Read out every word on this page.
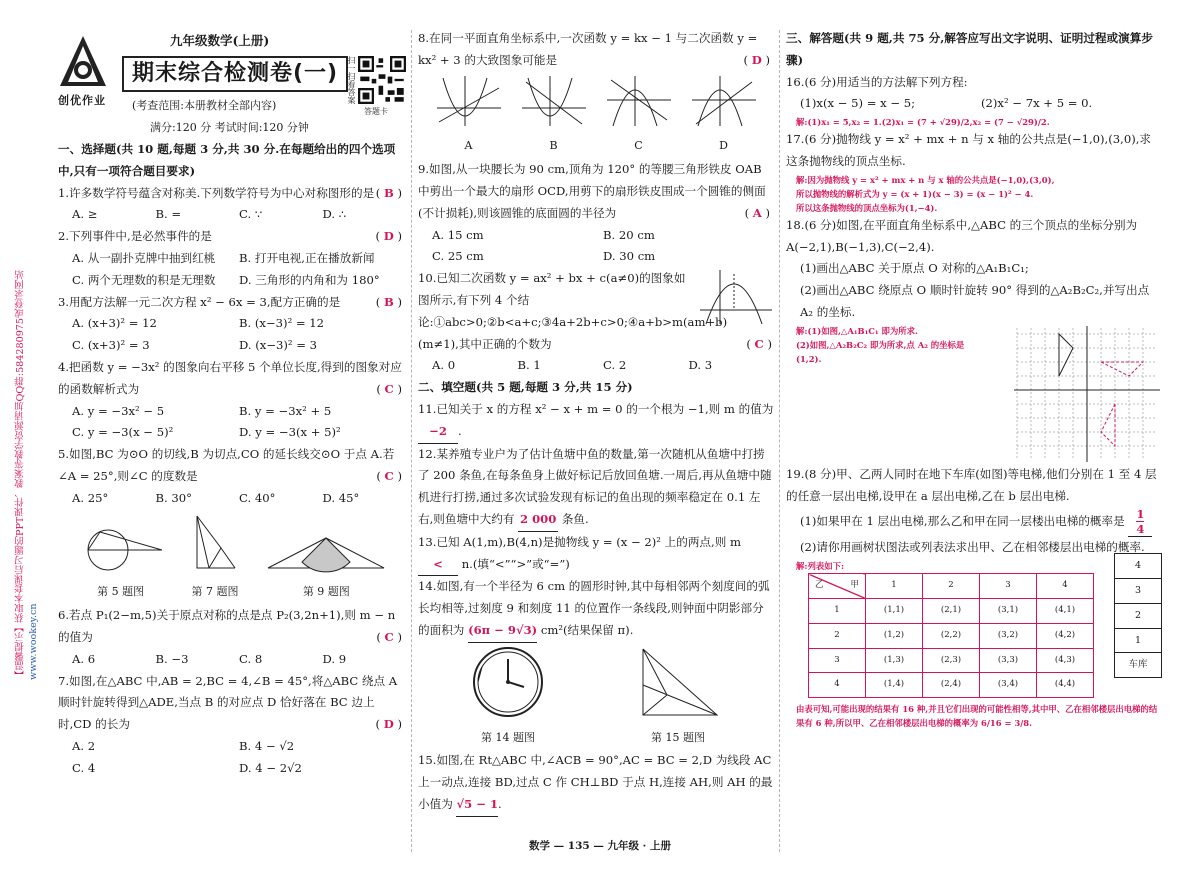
创优作业
九年级数学(上册)
期末综合检测卷(一)	扫一扫看答案
答题卡
(考查范围:本册教材全部内容)
满分:120 分 考试时间:120 分钟
【温馨提示】获取本套课后习题的PPT课件、教案等教学资源请加QQ群:584280975或登录网站www.wookey.cn
一、选择题(共 10 题,每题 3 分,共 30 分.在每题给出的四个选项中,只有一项符合题目要求)
1.许多数学符号蕴含对称美.下列数学符号为中心对称图形的是 ( B )
A. ≥	B. =	C. ∵	D. ∴
2.下列事件中,是必然事件的是	( D )
A. 从一副扑克牌中抽到红桃	B. 打开电视,正在播放新闻
C. 两个无理数的积是无理数	D. 三角形的内角和为 180°
3.用配方法解一元二次方程 x² − 6x = 3,配方正确的是	( B )
A. (x+3)² = 12	B. (x−3)² = 12
C. (x+3)² = 3	D. (x−3)² = 3
4.把函数 y = −3x² 的图象向右平移 5 个单位长度,得到的图象对应的函数解析式为	( C )
A. y = −3x² − 5	B. y = −3x² + 5
C. y = −3(x − 5)²	D. y = −3(x + 5)²
5.如图,BC 为⊙O 的切线,B 为切点,CO 的延长线交⊙O 于点 A.若∠A = 25°,则∠C 的度数是	( C )
A. 25°	B. 30°	C. 40°	D. 45°
第 5 题图	第 7 题图	第 9 题图
6.若点 P₁(2−m,5)关于原点对称的点是点 P₂(3,2n+1),则 m − n 的值为	( C )
A. 6	B. −3	C. 8	D. 9
7.如图,在△ABC 中,AB = 2,BC = 4,∠B = 45°,将△ABC 绕点 A 顺时针旋转得到△ADE,当点 B 的对应点 D 恰好落在 BC 边上时,CD 的长为	( D )
A. 2	B. 4 − √2
C. 4	D. 4 − 2√2
8.在同一平面直角坐标系中,一次函数 y = kx − 1 与二次函数 y = kx² + 3 的大致图象可能是	( D )
A	B	C	D
9.如图,从一块腰长为 90 cm,顶角为 120° 的等腰三角形铁皮 OAB 中剪出一个最大的扇形 OCD,用剪下的扇形铁皮围成一个圆锥的侧面(不计损耗),则该圆锥的底面圆的半径为	( A )
A. 15 cm	B. 20 cm
C. 25 cm	D. 30 cm
10.已知二次函数 y = ax² + bx + c(a≠0)的图象如图所示,有下列 4 个结论:①abc>0;②b<a+c;③4a+2b+c>0;④a+b>m(am+b)(m≠1),其中正确的个数为	( C )
A. 0	B. 1	C. 2	D. 3
二、填空题(共 5 题,每题 3 分,共 15 分)
11.已知关于 x 的方程 x² − x + m = 0 的一个根为 −1,则 m 的值为 −2 .
12.某养殖专业户为了估计鱼塘中鱼的数量,第一次随机从鱼塘中打捞了 200 条鱼,在每条鱼身上做好标记后放回鱼塘.一周后,再从鱼塘中随机进行打捞,通过多次试验发现有标记的鱼出现的频率稳定在 0.1 左右,则鱼塘中大约有 2 000 条鱼.
13.已知 A(1,m),B(4,n)是抛物线 y = (x − 2)² 上的两点,则 m < n.(填“<”“>”或“=”)
14.如图,有一个半径为 6 cm 的圆形时钟,其中每相邻两个刻度间的弧长均相等,过刻度 9 和刻度 11 的位置作一条线段,则钟面中阴影部分的面积为 (6π − 9√3) cm²(结果保留 π).
第 14 题图	第 15 题图
15.如图,在 Rt△ABC 中,∠ACB = 90°,AC = BC = 2,D 为线段 AC 上一动点,连接 BD,过点 C 作 CH⊥BD 于点 H,连接 AH,则 AH 的最小值为 √5 − 1.
三、解答题(共 9 题,共 75 分,解答应写出文字说明、证明过程或演算步骤)
16.(6 分)用适当的方法解下列方程:
(1)x(x − 5) = x − 5;	(2)x² − 7x + 5 = 0.
解:(1)x₁ = 5,x₂ = 1.(2)x₁ = (7 + √29)/2,x₂ = (7 − √29)/2.
17.(6 分)抛物线 y = x² + mx + n 与 x 轴的公共点是(−1,0),(3,0),求这条抛物线的顶点坐标.
解:因为抛物线 y = x² + mx + n 与 x 轴的公共点是(−1,0),(3,0),
所以抛物线的解析式为 y = (x + 1)(x − 3) = (x − 1)² − 4.
所以这条抛物线的顶点坐标为(1,−4).
18.(6 分)如图,在平面直角坐标系中,△ABC 的三个顶点的坐标分别为 A(−2,1),B(−1,3),C(−2,4).
(1)画出△ABC 关于原点 O 对称的△A₁B₁C₁;
(2)画出△ABC 绕原点 O 顺时针旋转 90° 得到的△A₂B₂C₂,并写出点 A₂ 的坐标.
解:(1)如图,△A₁B₁C₁ 即为所求.
(2)如图,△A₂B₂C₂ 即为所求,点 A₂ 的坐标是(1,2).
19.(8 分)甲、乙两人同时在地下车库(如图)等电梯,他们分别在 1 至 4 层的任意一层出电梯,设甲在 a 层出电梯,乙在 b 层出电梯.
(1)如果甲在 1 层出电梯,那么乙和甲在同一层楼出电梯的概率是 $\frac{1}{4}$
(2)请你用画树状图法或列表法求出甲、乙在相邻楼层出电梯的概率.
解:列表如下:
甲
乙	1	2	3	4
1	(1,1)	(2,1)	(3,1)	(4,1)
2	(1,2)	(2,2)	(3,2)	(4,2)
3	(1,3)	(2,3)	(3,3)	(4,3)
4	(1,4)	(2,4)	(3,4)	(4,4)
4
3
2
1
车库
由表可知,可能出现的结果有 16 种,并且它们出现的可能性相等,其中甲、乙在相邻楼层出电梯的结果有 6 种,所以甲、乙在相邻楼层出电梯的概率为 6/16 = 3/8.
数学 — 135 — 九年级 · 上册
